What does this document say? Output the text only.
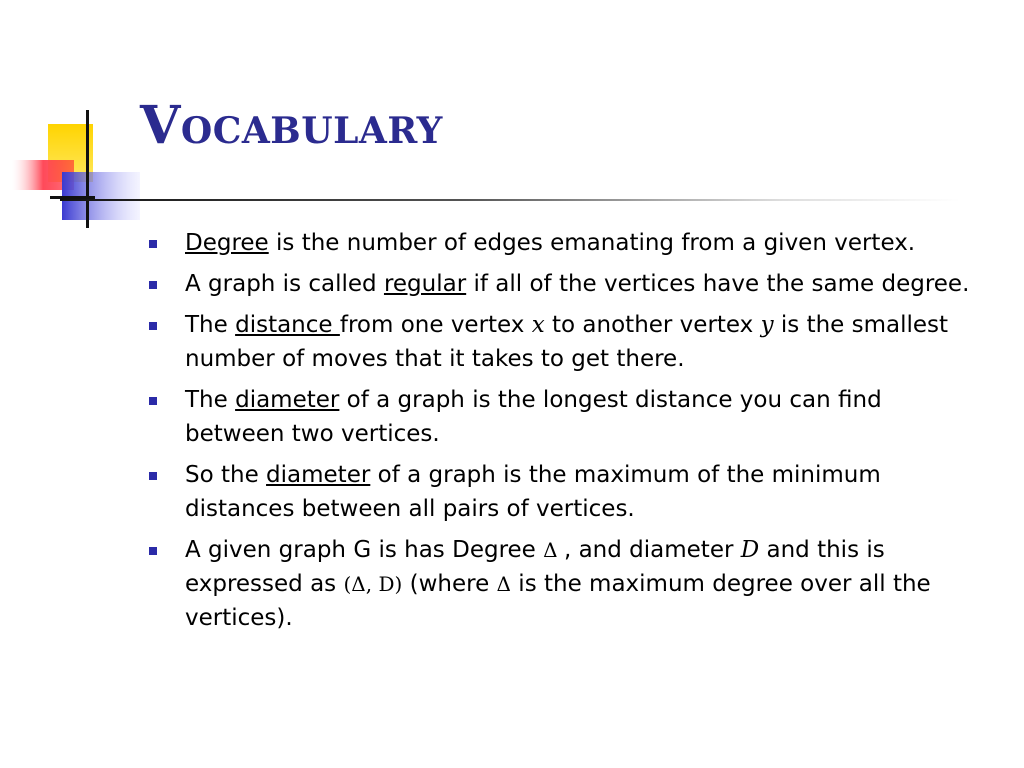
Vocabulary
Degree is the number of edges emanating from a given vertex.
A graph is called regular if all of the vertices have the same degree.
The distance from one vertex x to another vertex y is the smallest number of moves that it takes to get there.
The diameter of a graph is the longest distance you can find between two vertices.
So the diameter of a graph is the maximum of the minimum distances between all pairs of vertices.
A given graph G is has Degree Δ , and diameter D and this is expressed as (Δ, D) (where Δ is the maximum degree over all the vertices).
